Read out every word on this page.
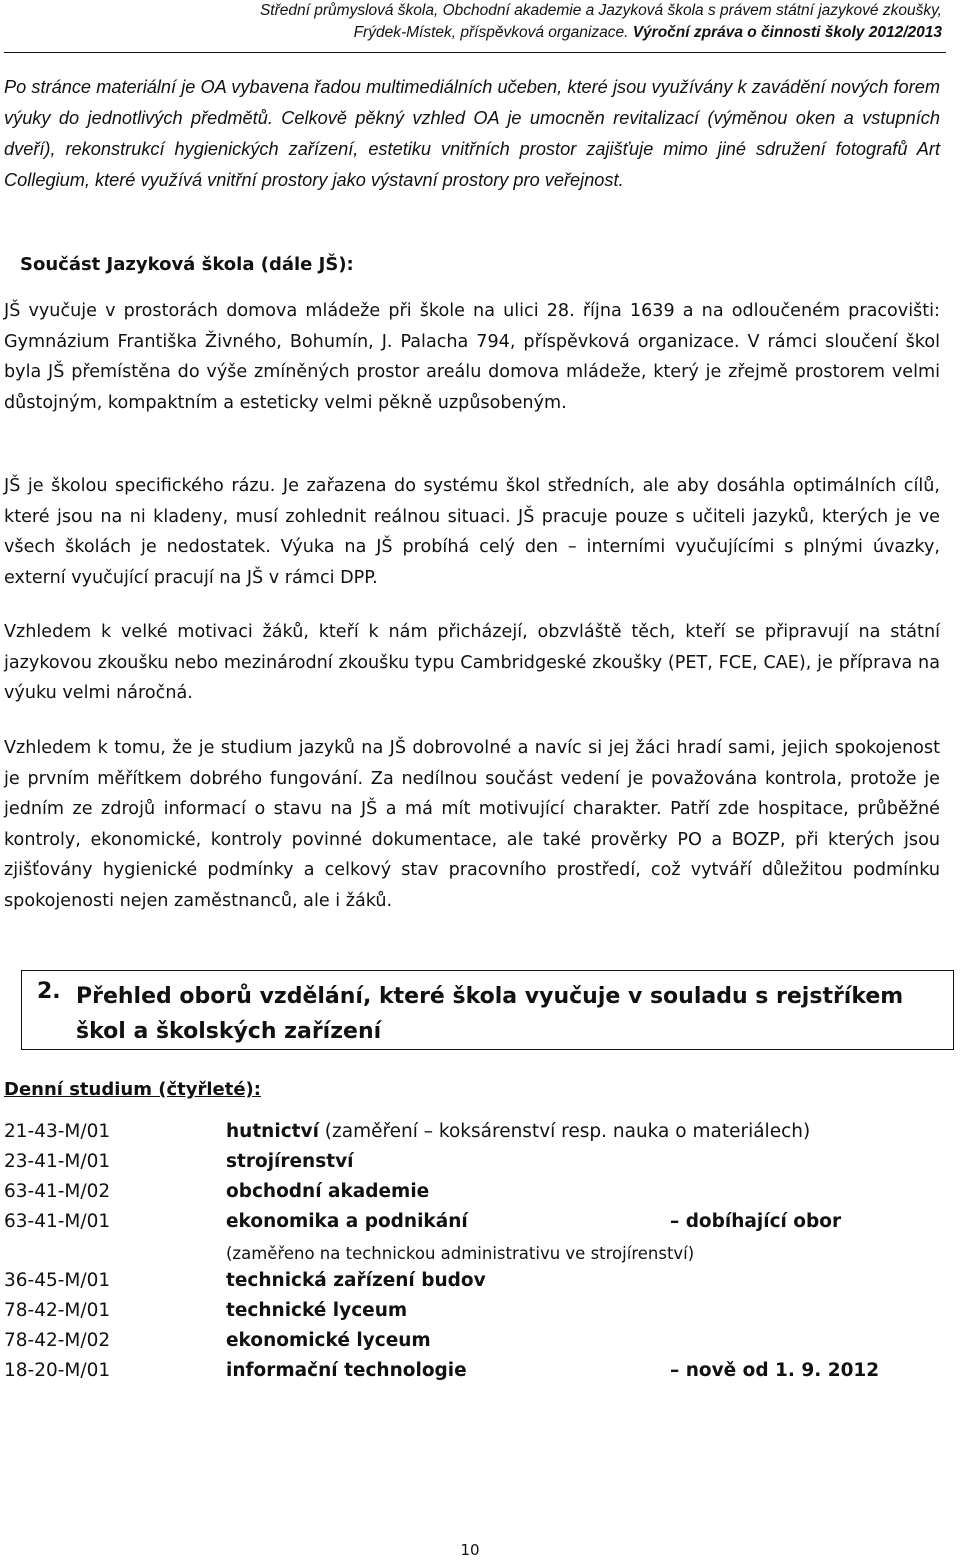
Střední průmyslová škola, Obchodní akademie a Jazyková škola s právem státní jazykové zkoušky,
Frýdek-Místek, příspěvková organizace. Výroční zpráva o činnosti školy 2012/2013
Po stránce materiální je OA vybavena řadou multimediálních učeben, které jsou využívány k zavádění nových forem výuky do jednotlivých předmětů. Celkově pěkný vzhled OA je umocněn revitalizací (výměnou oken a vstupních dveří), rekonstrukcí hygienických zařízení, estetiku vnitřních prostor zajišťuje mimo jiné sdružení fotografů Art Collegium, které využívá vnitřní prostory jako výstavní prostory pro veřejnost.
Součást Jazyková škola (dále JŠ):
JŠ vyučuje v prostorách domova mládeže při škole na ulici 28. října 1639 a na odloučeném pracovišti: Gymnázium Františka Živného, Bohumín, J. Palacha 794, příspěvková organizace. V rámci sloučení škol byla JŠ přemístěna do výše zmíněných prostor areálu domova mládeže, který je zřejmě prostorem velmi důstojným, kompaktním a esteticky velmi pěkně uzpůsobeným.
JŠ je školou specifického rázu. Je zařazena do systému škol středních, ale aby dosáhla optimálních cílů, které jsou na ni kladeny, musí zohlednit reálnou situaci. JŠ pracuje pouze s učiteli jazyků, kterých je ve všech školách je nedostatek. Výuka na JŠ probíhá celý den – interními vyučujícími s plnými úvazky, externí vyučující pracují na JŠ v rámci DPP.
Vzhledem k velké motivaci žáků, kteří k nám přicházejí, obzvláště těch, kteří se připravují na státní jazykovou zkoušku nebo mezinárodní zkoušku typu Cambridgeské zkoušky (PET, FCE, CAE), je příprava na výuku velmi náročná.
Vzhledem k tomu, že je studium jazyků na JŠ dobrovolné a navíc si jej žáci hradí sami, jejich spokojenost je prvním měřítkem dobrého fungování. Za nedílnou součást vedení je považována kontrola, protože je jedním ze zdrojů informací o stavu na JŠ a má mít motivující charakter. Patří zde hospitace, průběžné kontroly, ekonomické, kontroly povinné dokumentace, ale také prověrky PO a BOZP, při kterých jsou zjišťovány hygienické podmínky a celkový stav pracovního prostředí, což vytváří důležitou podmínku spokojenosti nejen zaměstnanců, ale i žáků.
2. Přehled oborů vzdělání, které škola vyučuje v souladu s rejstříkem škol a školských zařízení
Denní studium (čtyřleté):
21-43-M/01	hutnictví (zaměření – koksárenství resp. nauka o materiálech)
23-41-M/01	strojírenství
63-41-M/02	obchodní akademie
63-41-M/01	ekonomika a podnikání	– dobíhající obor
(zaměřeno na technickou administrativu ve strojírenství)
36-45-M/01	technická zařízení budov
78-42-M/01	technické lyceum
78-42-M/02	ekonomické lyceum
18-20-M/01	informační technologie	– nově od 1. 9. 2012
10
